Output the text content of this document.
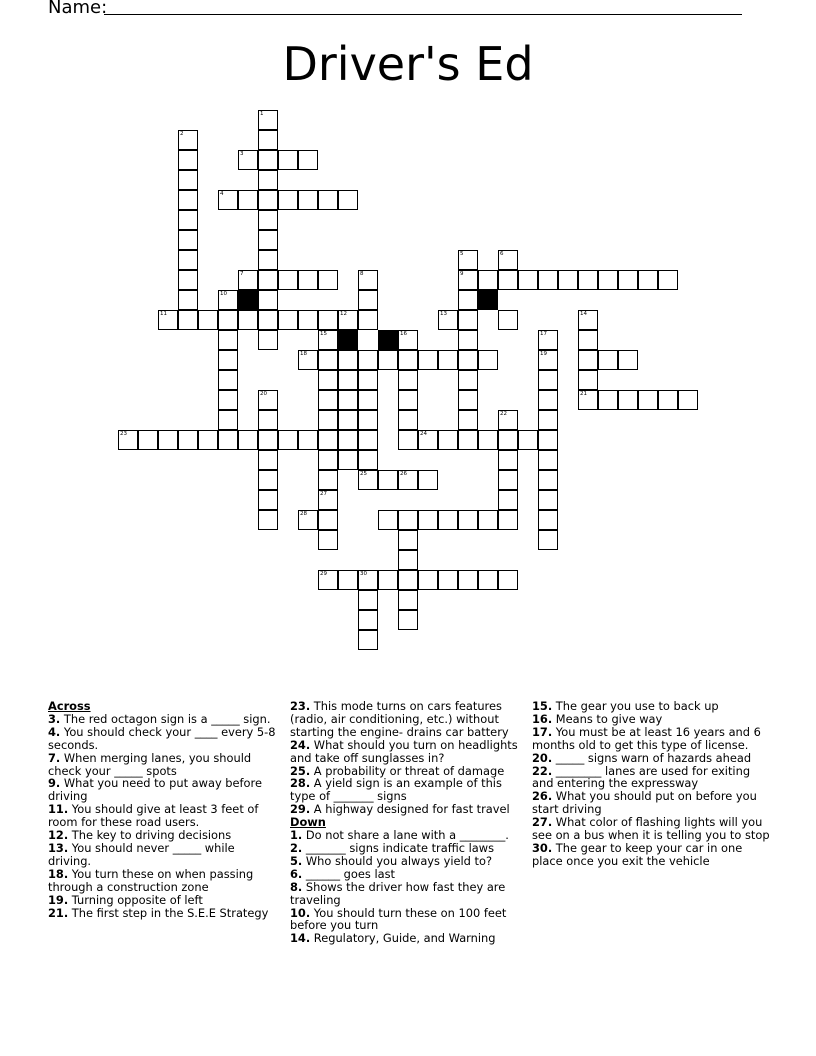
Name:
Driver's Ed
1
2
3
4
5
9
6
7	8
25
10
11	12	13	14
21
15	16	17
19
18
20
22
23	24
26
27
28
29	30
Across
3. The red octagon sign is a _____ sign.
4. You should check your ____ every 5-8 seconds.
7. When merging lanes, you should check your _____ spots
9. What you need to put away before driving
11. You should give at least 3 feet of room for these road users.
12. The key to driving decisions
13. You should never _____ while driving.
18. You turn these on when passing through a construction zone
19. Turning opposite of left
21. The first step in the S.E.E Strategy
23. This mode turns on cars features (radio, air conditioning, etc.) without starting the engine- drains car battery
24. What should you turn on headlights and take off sunglasses in?
25. A probability or threat of damage
28. A yield sign is an example of this type of _______ signs
29. A highway designed for fast travel
Down
1. Do not share a lane with a ________.
2. _______ signs indicate traffic laws
5. Who should you always yield to?
6. ______ goes last
8. Shows the driver how fast they are traveling
10. You should turn these on 100 feet before you turn
14. Regulatory, Guide, and Warning
15. The gear you use to back up
16. Means to give way
17. You must be at least 16 years and 6 months old to get this type of license.
20. _____ signs warn of hazards ahead
22. ________ lanes are used for exiting and entering the expressway
26. What you should put on before you start driving
27. What color of flashing lights will you see on a bus when it is telling you to stop
30. The gear to keep your car in one place once you exit the vehicle
